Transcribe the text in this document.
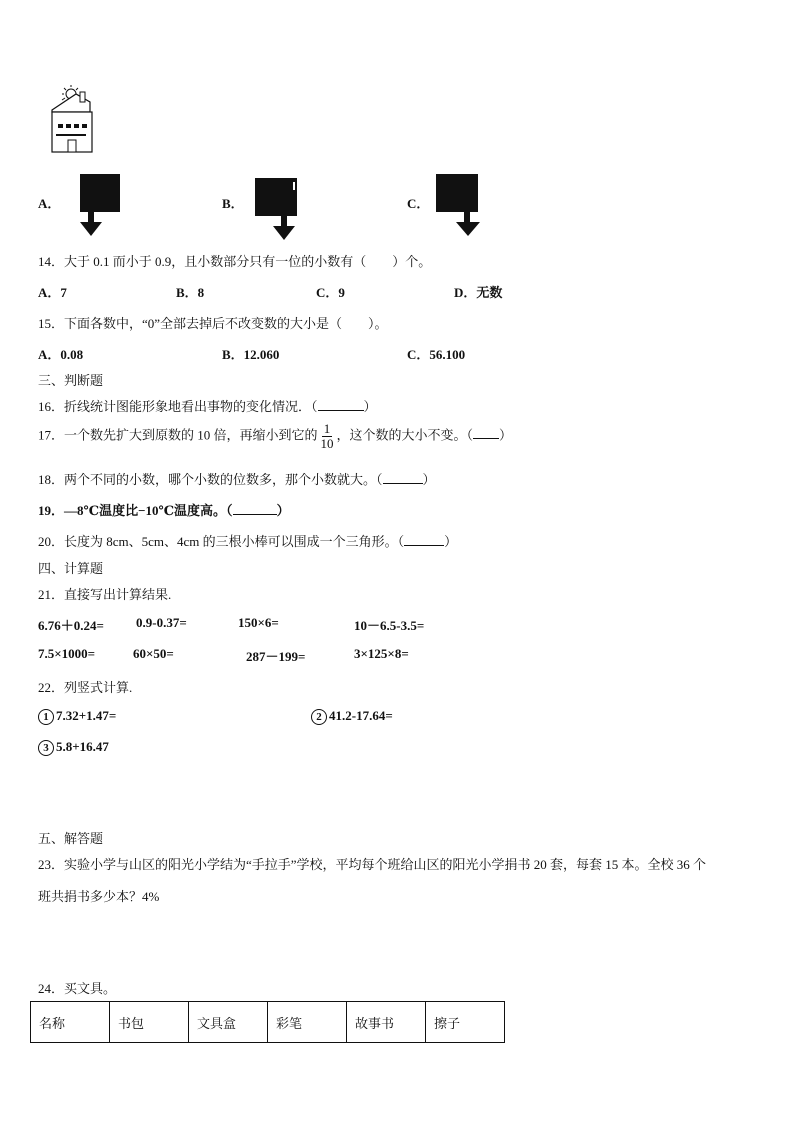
A．	B．	C．
14．大于 0.1 而小于 0.9，且小数部分只有一位的小数有（　　）个。
A．7	B．8	C．9	D．无数
15．下面各数中，“0”全部去掉后不改变数的大小是（　　）。
A．0.08	B．12.060	C．56.100
三、判断题
16．折线统计图能形象地看出事物的变化情况．（	）
17．一个数先扩大到原数的 10 倍，再缩小到它的 $\frac{1}{10}$ ，这个数的大小不变。（ ）
18．两个不同的小数，哪个小数的位数多，那个小数就大。（	）
19．—8℃温度比−10℃温度高。（	）
20．长度为 8cm、5cm、4cm 的三根小棒可以围成一个三角形。（	）
四、计算题
21．直接写出计算结果.
6.76＋0.24= 0.9-0.37=	150×6=	10－6.5-3.5=
7.5×1000=	60×50=	287－199=	3×125×8=
22．列竖式计算.
1 7.32+1.47=	2 41.2-17.64=
3 5.8+16.47
五、解答题
23．实验小学与山区的阳光小学结为“手拉手”学校，平均每个班给山区的阳光小学捐书 20 套，每套 15 本。全校 36 个
班共捐书多少本？4%
24．买文具。
名称	书包	文具盒	彩笔	故事书	擦子
